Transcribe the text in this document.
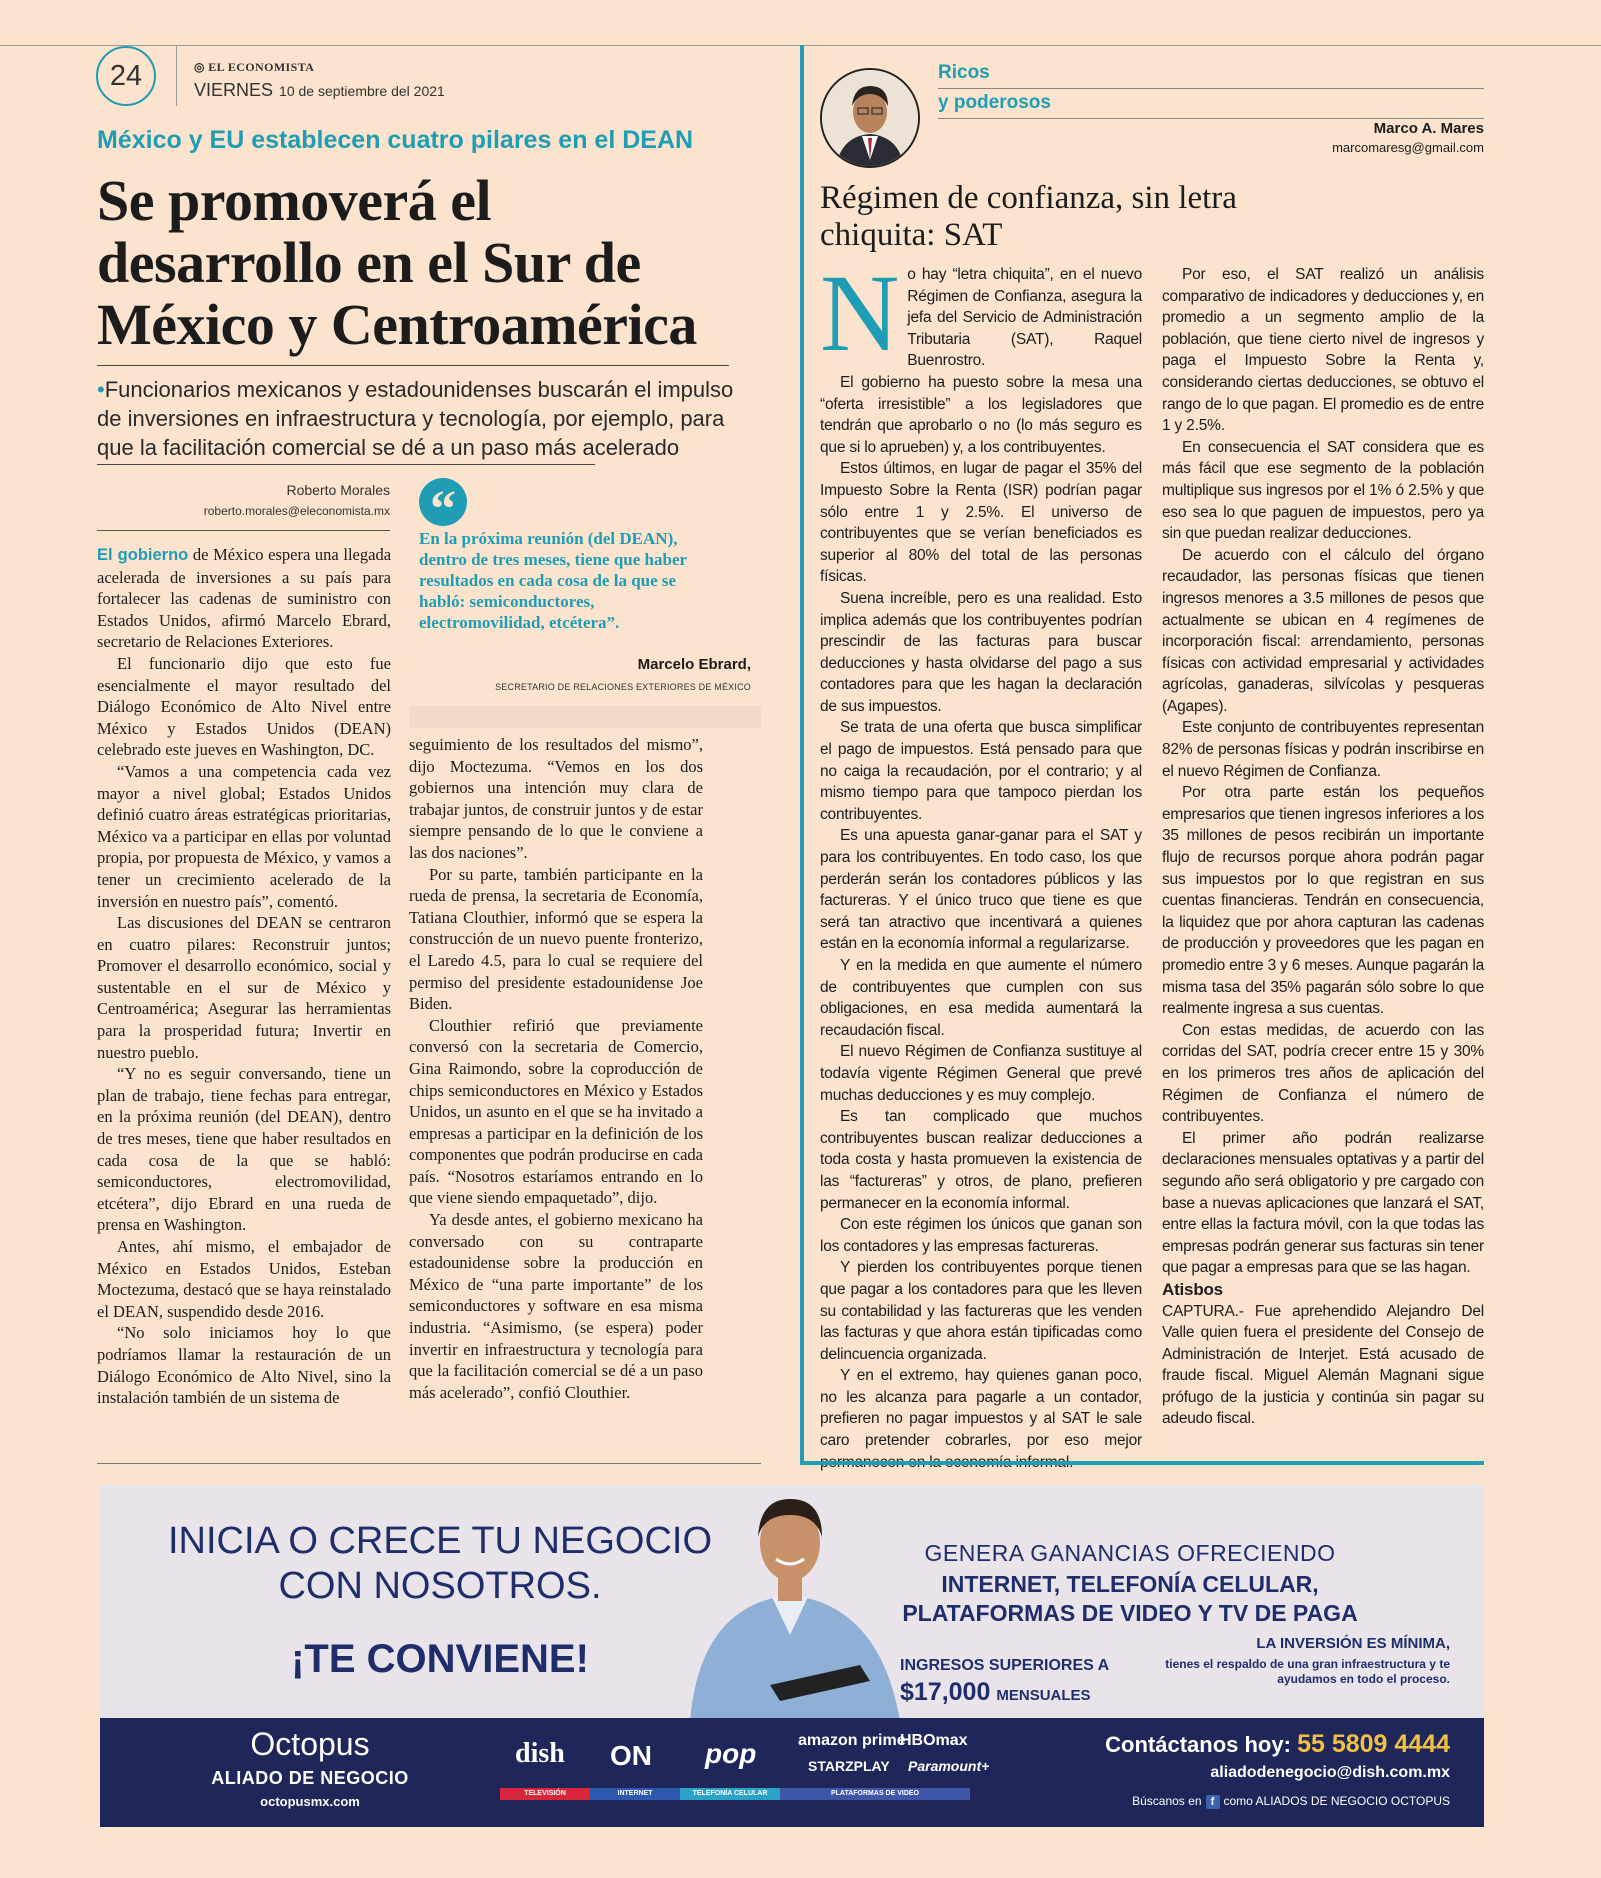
24	◎ EL ECONOMISTA
VIERNES 10 de septiembre del 2021
México y EU establecen cuatro pilares en el DEAN
Se promoverá el desarrollo en el Sur de México y Centroamérica
•Funcionarios mexicanos y estadounidenses buscarán el impulso de inversiones en infraestructura y tecnología, por ejemplo, para que la facilitación comercial se dé a un paso más acelerado
Roberto Morales
roberto.morales@eleconomista.mx

El gobierno de México espera una llegada acelerada de inversiones a su país para fortalecer las cadenas de suministro con Estados Unidos, afirmó Marcelo Ebrard, secretario de Relaciones Exteriores.

El funcionario dijo que esto fue esencialmente el mayor resultado del Diálogo Económico de Alto Nivel entre México y Estados Unidos (DEAN) celebrado este jueves en Washington, DC.

“Vamos a una competencia cada vez mayor a nivel global; Estados Unidos definió cuatro áreas estratégicas prioritarias, México va a participar en ellas por voluntad propia, por propuesta de México, y vamos a tener un crecimiento acelerado de la inversión en nuestro país”, comentó.

Las discusiones del DEAN se centraron en cuatro pilares: Reconstruir juntos; Promover el desarrollo económico, social y sustentable en el sur de México y Centroamérica; Asegurar las herramientas para la prosperidad futura; Invertir en nuestro pueblo.

“Y no es seguir conversando, tiene un plan de trabajo, tiene fechas para entregar, en la próxima reunión (del DEAN), dentro de tres meses, tiene que haber resultados en cada cosa de la que se habló: semiconductores, electromovilidad, etcétera”, dijo Ebrard en una rueda de prensa en Washington.

Antes, ahí mismo, el embajador de México en Estados Unidos, Esteban Moctezuma, destacó que se haya reinstalado el DEAN, suspendido desde 2016.

“No solo iniciamos hoy lo que podríamos llamar la restauración de un Diálogo Económico de Alto Nivel, sino la instalación también de un sistema de

“
En la próxima reunión (del DEAN), dentro de tres meses, tiene que haber resultados en cada cosa de la que se habló: semiconductores, electromovilidad, etcétera”.
Marcelo Ebrard,
SECRETARIO DE RELACIONES EXTERIORES DE MÉXICO

seguimiento de los resultados del mismo”, dijo Moctezuma. “Vemos en los dos gobiernos una intención muy clara de trabajar juntos, de construir juntos y de estar siempre pensando de lo que le conviene a las dos naciones”.

Por su parte, también participante en la rueda de prensa, la secretaria de Economía, Tatiana Clouthier, informó que se espera la construcción de un nuevo puente fronterizo, el Laredo 4.5, para lo cual se requiere del permiso del presidente estadounidense Joe Biden.

Clouthier refirió que previamente conversó con la secretaria de Comercio, Gina Raimondo, sobre la coproducción de chips semiconductores en México y Estados Unidos, un asunto en el que se ha invitado a empresas a participar en la definición de los componentes que podrán producirse en cada país. “Nosotros estaríamos entrando en lo que viene siendo empaquetado”, dijo.

Ya desde antes, el gobierno mexicano ha conversado con su contraparte estadounidense sobre la producción en México de “una parte importante” de los semiconductores y software en esa misma industria. “Asimismo, (se espera) poder invertir en infraestructura y tecnología para que la facilitación comercial se dé a un paso más acelerado”, confió Clouthier.

Ricos
y poderosos
Marco A. Mares
marcomaresg@gmail.com
Régimen de confianza, sin letra chiquita: SAT

No hay “letra chiquita”, en el nuevo Régimen de Confianza, asegura la jefa del Servicio de Administración Tributaria (SAT), Raquel Buenrostro.

El gobierno ha puesto sobre la mesa una “oferta irresistible” a los legisladores que tendrán que aprobarlo o no (lo más seguro es que si lo aprueben) y, a los contribuyentes.

Estos últimos, en lugar de pagar el 35% del Impuesto Sobre la Renta (ISR) podrían pagar sólo entre 1 y 2.5%. El universo de contribuyentes que se verían beneficiados es superior al 80% del total de las personas físicas.

Suena increíble, pero es una realidad. Esto implica además que los contribuyentes podrían prescindir de las facturas para buscar deducciones y hasta olvidarse del pago a sus contadores para que les hagan la declaración de sus impuestos.

Se trata de una oferta que busca simplificar el pago de impuestos. Está pensado para que no caiga la recaudación, por el contrario; y al mismo tiempo para que tampoco pierdan los contribuyentes.

Es una apuesta ganar-ganar para el SAT y para los contribuyentes. En todo caso, los que perderán serán los contadores públicos y las factureras. Y el único truco que tiene es que será tan atractivo que incentivará a quienes están en la economía informal a regularizarse.

Y en la medida en que aumente el número de contribuyentes que cumplen con sus obligaciones, en esa medida aumentará la recaudación fiscal.

El nuevo Régimen de Confianza sustituye al todavía vigente Régimen General que prevé muchas deducciones y es muy complejo.

Es tan complicado que muchos contribuyentes buscan realizar deducciones a toda costa y hasta promueven la existencia de las “factureras” y otros, de plano, prefieren permanecer en la economía informal.

Con este régimen los únicos que ganan son los contadores y las empresas factureras.

Y pierden los contribuyentes porque tienen que pagar a los contadores para que les lleven su contabilidad y las factureras que les venden las facturas y que ahora están tipificadas como delincuencia organizada.

Y en el extremo, hay quienes ganan poco, no les alcanza para pagarle a un contador, prefieren no pagar impuestos y al SAT le sale caro pretender cobrarles, por eso mejor

Por eso, el SAT realizó un análisis comparativo de indicadores y deducciones y, en promedio a un segmento amplio de la población, que tiene cierto nivel de ingresos y paga el Impuesto Sobre la Renta y, considerando ciertas deducciones, se obtuvo el rango de lo que pagan. El promedio es de entre 1 y 2.5%.

En consecuencia el SAT considera que es más fácil que ese segmento de la población multiplique sus ingresos por el 1% ó 2.5% y que eso sea lo que paguen de impuestos, pero ya sin que puedan realizar deducciones.

De acuerdo con el cálculo del órgano recaudador, las personas físicas que tienen ingresos menores a 3.5 millones de pesos que actualmente se ubican en 4 regímenes de incorporación fiscal: arrendamiento, personas físicas con actividad empresarial y actividades agrícolas, ganaderas, silvícolas y pesqueras (Agapes).

Este conjunto de contribuyentes representan 82% de personas físicas y podrán inscribirse en el nuevo Régimen de Confianza.

Por otra parte están los pequeños empresarios que tienen ingresos inferiores a los 35 millones de pesos recibirán un importante flujo de recursos porque ahora podrán pagar sus impuestos por lo que registran en sus cuentas financieras. Tendrán en consecuencia, la liquidez que por ahora capturan las cadenas de producción y proveedores que les pagan en promedio entre 3 y 6 meses. Aunque pagarán la misma tasa del 35% pagarán sólo sobre lo que realmente ingresa a sus cuentas.

Con estas medidas, de acuerdo con las corridas del SAT, podría crecer entre 15 y 30% en los primeros tres años de aplicación del Régimen de Confianza el número de contribuyentes.

El primer año podrán realizarse declaraciones mensuales optativas y a partir del segundo año será obligatorio y pre cargado con base a nuevas aplicaciones que lanzará el SAT, entre ellas la factura móvil, con la que todas las empresas podrán generar sus facturas sin tener que pagar a empresas para que se las hagan.

Atisbos

CAPTURA.- Fue aprehendido Alejandro Del Valle quien fuera el presidente del Consejo de Administración de Interjet. Está acusado de fraude fiscal. Miguel Alemán Magnani sigue prófugo de la justicia y continúa sin pagar su adeudo fiscal.

INICIA O CRECE TU NEGOCIO
CON NOSOTROS.
¡TE CONVIENE!
GENERA GANANCIAS OFRECIENDO
INTERNET, TELEFONÍA CELULAR,
PLATAFORMAS DE VIDEO Y TV DE PAGA
LA INVERSIÓN ES MÍNIMA,
tienes el respaldo de una gran infraestructura y te ayudamos en todo el proceso.
INGRESOS SUPERIORES A
$17,000 MENSUALES
Octopus
ALIADO DE NEGOCIO
octopusmx.com
dish ON pop	amazon prime
HBOmax
STARZPLAY Paramount+
TELEVISIÓN	INTERNET	TELEFONÍA CELULAR	PLATAFORMAS DE VIDEO
Contáctanos hoy: 55 5809 4444
aliadodenegocio@dish.com.mx
Búscanos en f como ALIADOS DE NEGOCIO OCTOPUS
